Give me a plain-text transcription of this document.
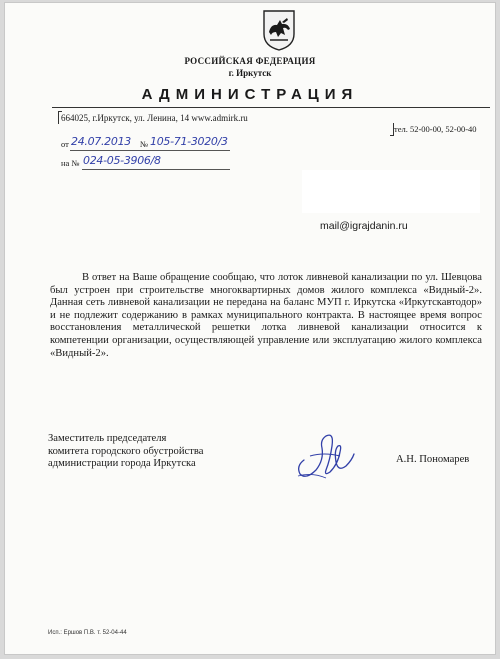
РОССИЙСКАЯ ФЕДЕРАЦИЯ
г. Иркутск
АДМИНИСТРАЦИЯ
664025, г.Иркутск, ул. Ленина, 14 www.admirk.ru
тел. 52-00-00, 52-00-40
от 24.07.2013 № 105-71-3020/3
на № 024-05-3906/8
mail@igrajdanin.ru

В ответ на Ваше обращение сообщаю, что лоток ливневой канализации по ул. Шевцова был устроен при строительстве многоквартирных домов жилого комплекса «Видный-2». Данная сеть ливневой канализации не передана на баланс МУП г. Иркутска «Иркутскавтодор» и не подлежит содержанию в рамках муниципального контракта. В настоящее время вопрос восстановления металлической решетки лотка ливневой канализации относится к компетенции организации, осуществляющей управление или эксплуатацию жилого комплекса «Видный-2».

Заместитель председателя
комитета городского обустройства
администрации города Иркутска	А.Н. Пономарев
Исп.: Ершов П.В. т. 52-04-44
